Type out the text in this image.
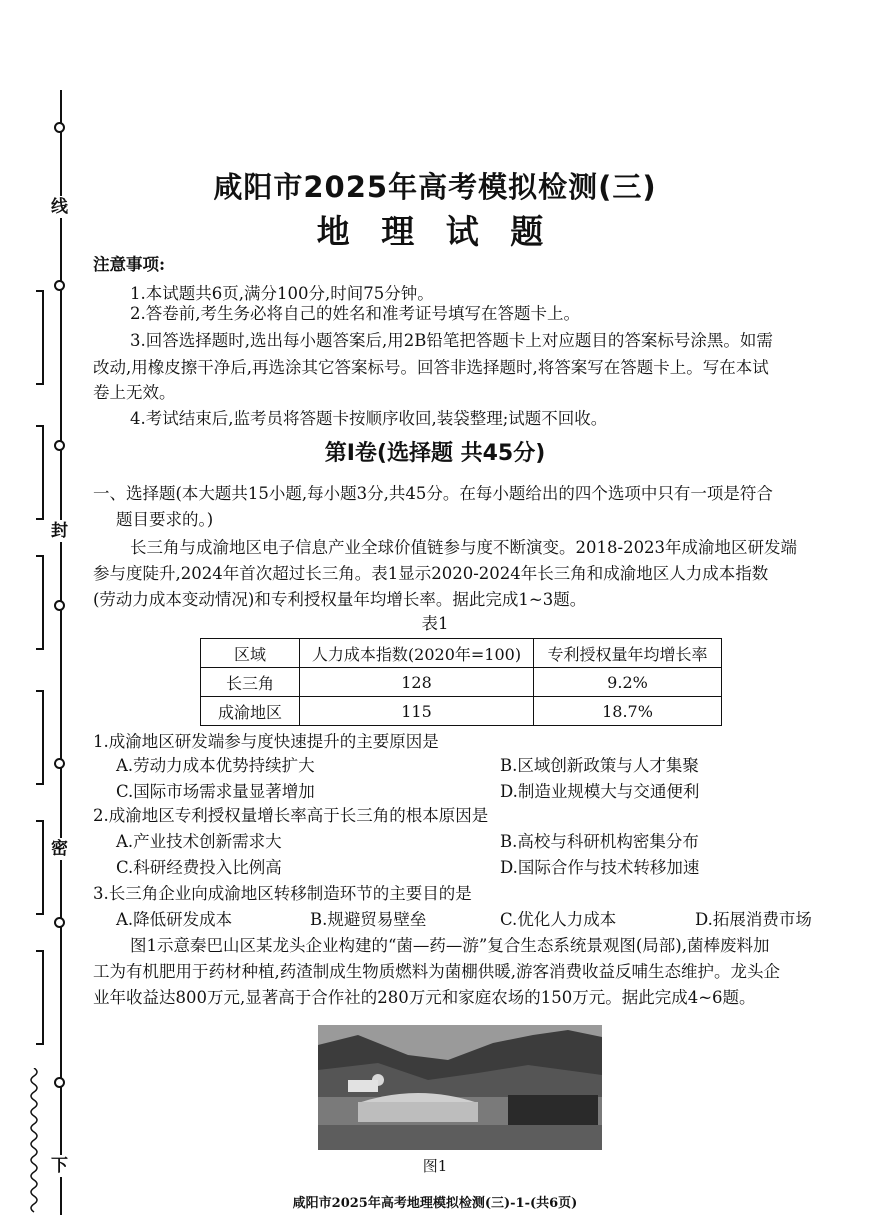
线
封
密
下
咸阳市2025年高考模拟检测(三)
地 理 试 题
注意事项:
1.本试题共6页,满分100分,时间75分钟。
2.答卷前,考生务必将自己的姓名和准考证号填写在答题卡上。
3.回答选择题时,选出每小题答案后,用2B铅笔把答题卡上对应题目的答案标号涂黑。如需
改动,用橡皮擦干净后,再选涂其它答案标号。回答非选择题时,将答案写在答题卡上。写在本试
卷上无效。
4.考试结束后,监考员将答题卡按顺序收回,装袋整理;试题不回收。
第Ⅰ卷(选择题 共45分)
一、选择题(本大题共15小题,每小题3分,共45分。在每小题给出的四个选项中只有一项是符合
题目要求的。)
长三角与成渝地区电子信息产业全球价值链参与度不断演变。2018-2023年成渝地区研发端
参与度陡升,2024年首次超过长三角。表1显示2020-2024年长三角和成渝地区人力成本指数
(劳动力成本变动情况)和专利授权量年均增长率。据此完成1~3题。
表1
区域	人力成本指数(2020年=100)	专利授权量年均增长率
长三角	128	9.2%
成渝地区	115	18.7%
1.成渝地区研发端参与度快速提升的主要原因是
A.劳动力成本优势持续扩大	B.区域创新政策与人才集聚
C.国际市场需求量显著增加	D.制造业规模大与交通便利
2.成渝地区专利授权量增长率高于长三角的根本原因是
A.产业技术创新需求大	B.高校与科研机构密集分布
C.科研经费投入比例高	D.国际合作与技术转移加速
3.长三角企业向成渝地区转移制造环节的主要目的是
A.降低研发成本	B.规避贸易壁垒	C.优化人力成本	D.拓展消费市场
图1示意秦巴山区某龙头企业构建的“菌—药—游”复合生态系统景观图(局部),菌棒废料加
工为有机肥用于药材种植,药渣制成生物质燃料为菌棚供暖,游客消费收益反哺生态维护。龙头企
业年收益达800万元,显著高于合作社的280万元和家庭农场的150万元。据此完成4~6题。
图1
咸阳市2025年高考地理模拟检测(三)-1-(共6页)
